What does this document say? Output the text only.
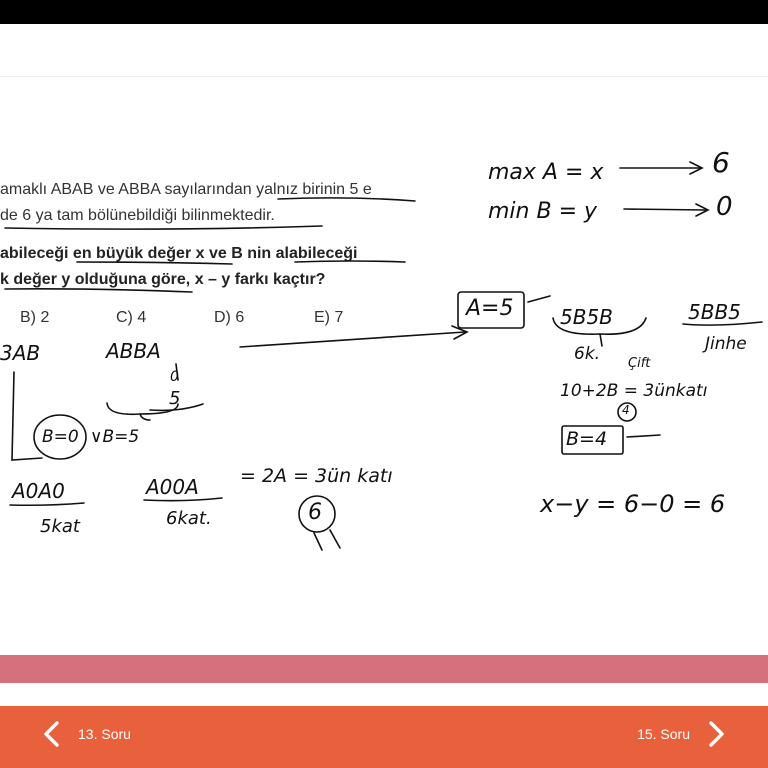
amaklı ABAB ve ABBA sayılarından yalnız birinin 5 e
de 6 ya tam bölünebildiği bilinmektedir.
abileceği en büyük değer x ve B nin alabileceği
k değer y olduğuna göre, x – y farkı kaçtır?
B) 2	C) 4	D) 6	E) 7
max A = x	6
min B = y	0
A=5 5B5B
6k. Çift
5BB5
Jinhe
10+2B = 3ünkatı
4
B=4
3AB	ABBA
0
5
B=0 ∨B=5
A0A0
5kat
A00A
6kat.
= 2A = 3ün katı
6	x−y = 6−0 = 6
13. Soru	15. Soru
